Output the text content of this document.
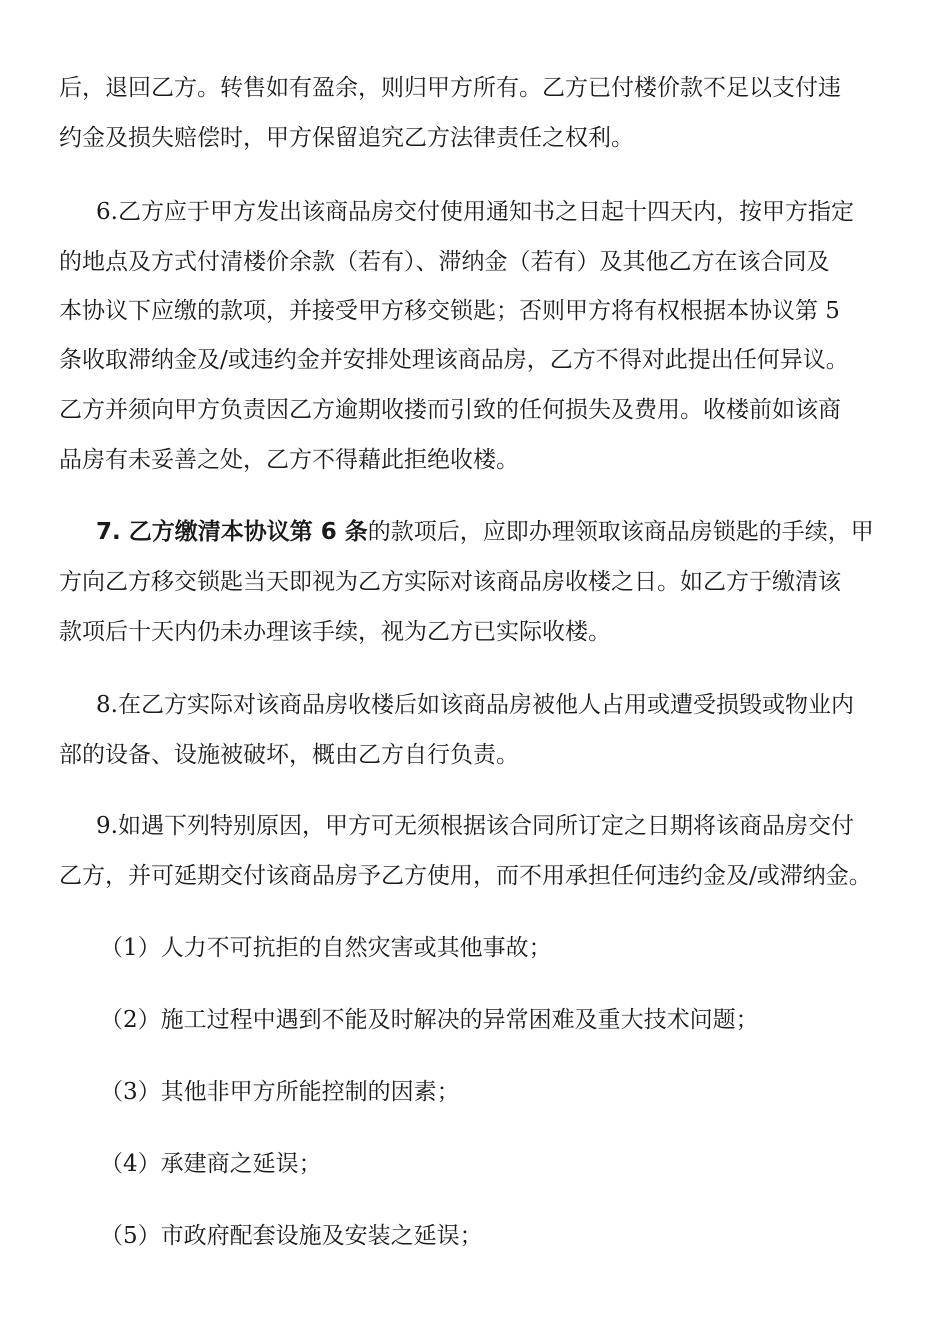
后，退回乙方。转售如有盈余，则归甲方所有。乙方已付楼价款不足以支付违
约金及损失赔偿时，甲方保留追究乙方法律责任之权利。
6.乙方应于甲方发出该商品房交付使用通知书之日起十四天内，按甲方指定
的地点及方式付清楼价余款（若有）、滞纳金（若有）及其他乙方在该合同及
本协议下应缴的款项，并接受甲方移交锁匙；否则甲方将有权根据本协议第 5
条收取滞纳金及/或违约金并安排处理该商品房，乙方不得对此提出任何异议。
乙方并须向甲方负责因乙方逾期收搂而引致的任何损失及费用。收楼前如该商
品房有未妥善之处，乙方不得藉此拒绝收楼。
7. 乙方缴清本协议第 6 条的款项后，应即办理领取该商品房锁匙的手续，甲
方向乙方移交锁匙当天即视为乙方实际对该商品房收楼之日。如乙方于缴清该
款项后十天内仍未办理该手续，视为乙方已实际收楼。
8.在乙方实际对该商品房收楼后如该商品房被他人占用或遭受损毁或物业内
部的设备、设施被破坏，概由乙方自行负责。
9.如遇下列特别原因，甲方可无须根据该合同所订定之日期将该商品房交付
乙方，并可延期交付该商品房予乙方使用，而不用承担任何违约金及/或滞纳金。
（1）人力不可抗拒的自然灾害或其他事故；
（2）施工过程中遇到不能及时解决的异常困难及重大技术问题；
（3）其他非甲方所能控制的因素；
（4）承建商之延误；
（5）市政府配套设施及安装之延误；
